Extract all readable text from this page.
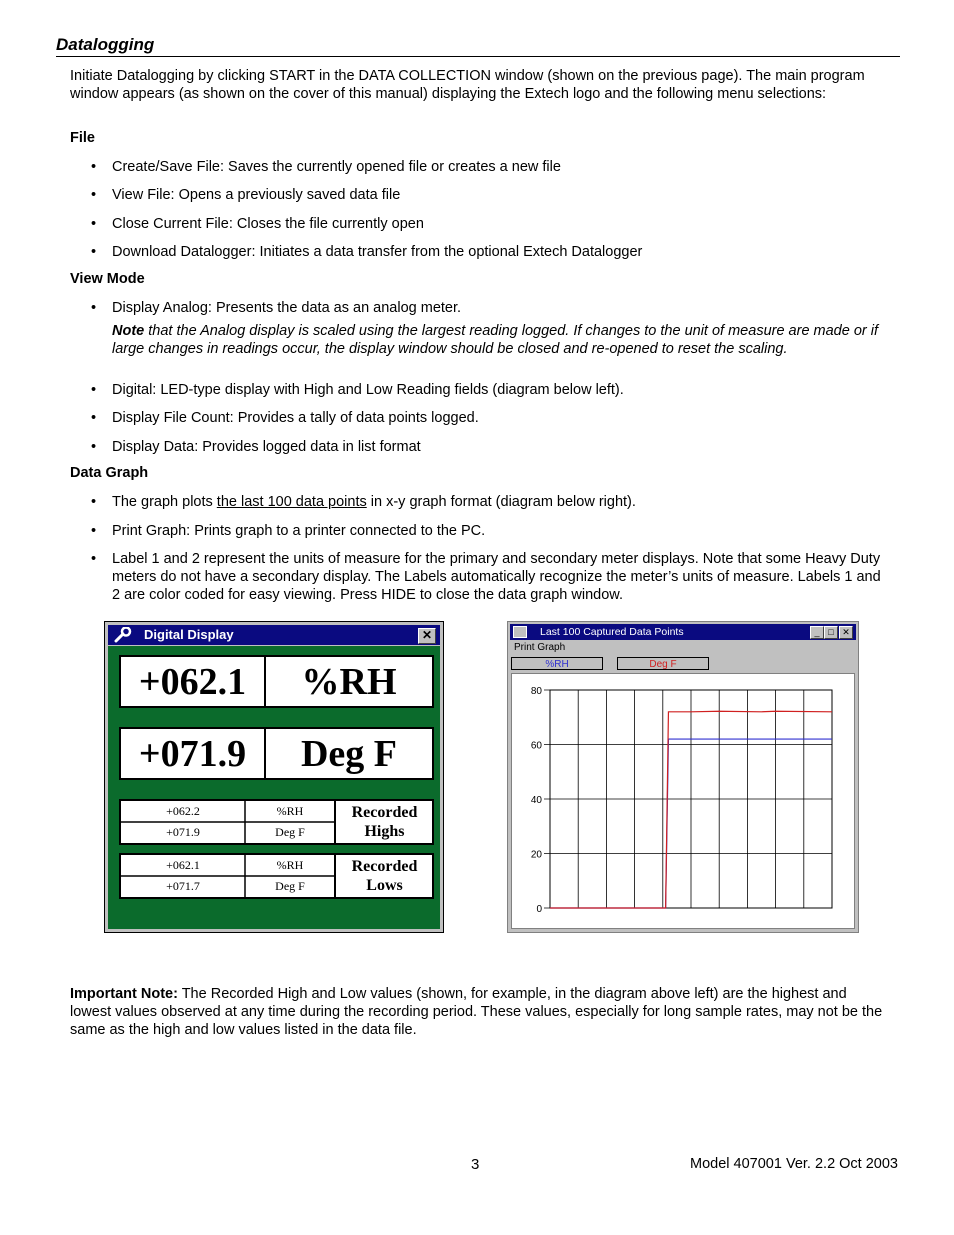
Datalogging
Initiate Datalogging by clicking START in the DATA COLLECTION window (shown on the previous page). The main program window appears (as shown on the cover of this manual) displaying the Extech logo and the following menu selections:
File
• Create/Save File: Saves the currently opened file or creates a new file
• View File: Opens a previously saved data file
• Close Current File: Closes the file currently open
• Download Datalogger: Initiates a data transfer from the optional Extech Datalogger
View Mode
• Display Analog: Presents the data as an analog meter.
Note that the Analog display is scaled using the largest reading logged. If changes to the unit of measure are made or if large changes in readings occur, the display window should be closed and re-opened to reset the scaling.
• Digital: LED-type display with High and Low Reading fields (diagram below left).
• Display File Count: Provides a tally of data points logged.
• Display Data: Provides logged data in list format
Data Graph
• The graph plots the last 100 data points in x-y graph format (diagram below right).
• Print Graph: Prints graph to a printer connected to the PC.
• Label 1 and 2 represent the units of measure for the primary and secondary meter displays. Note that some Heavy Duty meters do not have a secondary display. The Labels automatically recognize the meter’s units of measure. Labels 1 and 2 are color coded for easy viewing. Press HIDE to close the data graph window.
Digital Display	✕
+062.1	%RH
+071.9	Deg F
+062.2	%RH
+071.9	Deg F
Recorded
Highs
+062.1	%RH
+071.7	Deg F
Recorded
Lows
Last 100 Captured Data Points	_ □ ✕
Print Graph
%RH	Deg F
0
20
40
60
80
Important Note: The Recorded High and Low values (shown, for example, in the diagram above left) are the highest and lowest values observed at any time during the recording period. These values, especially for long sample rates, may not be the same as the high and low values listed in the data file.
3	Model 407001 Ver. 2.2 Oct 2003
